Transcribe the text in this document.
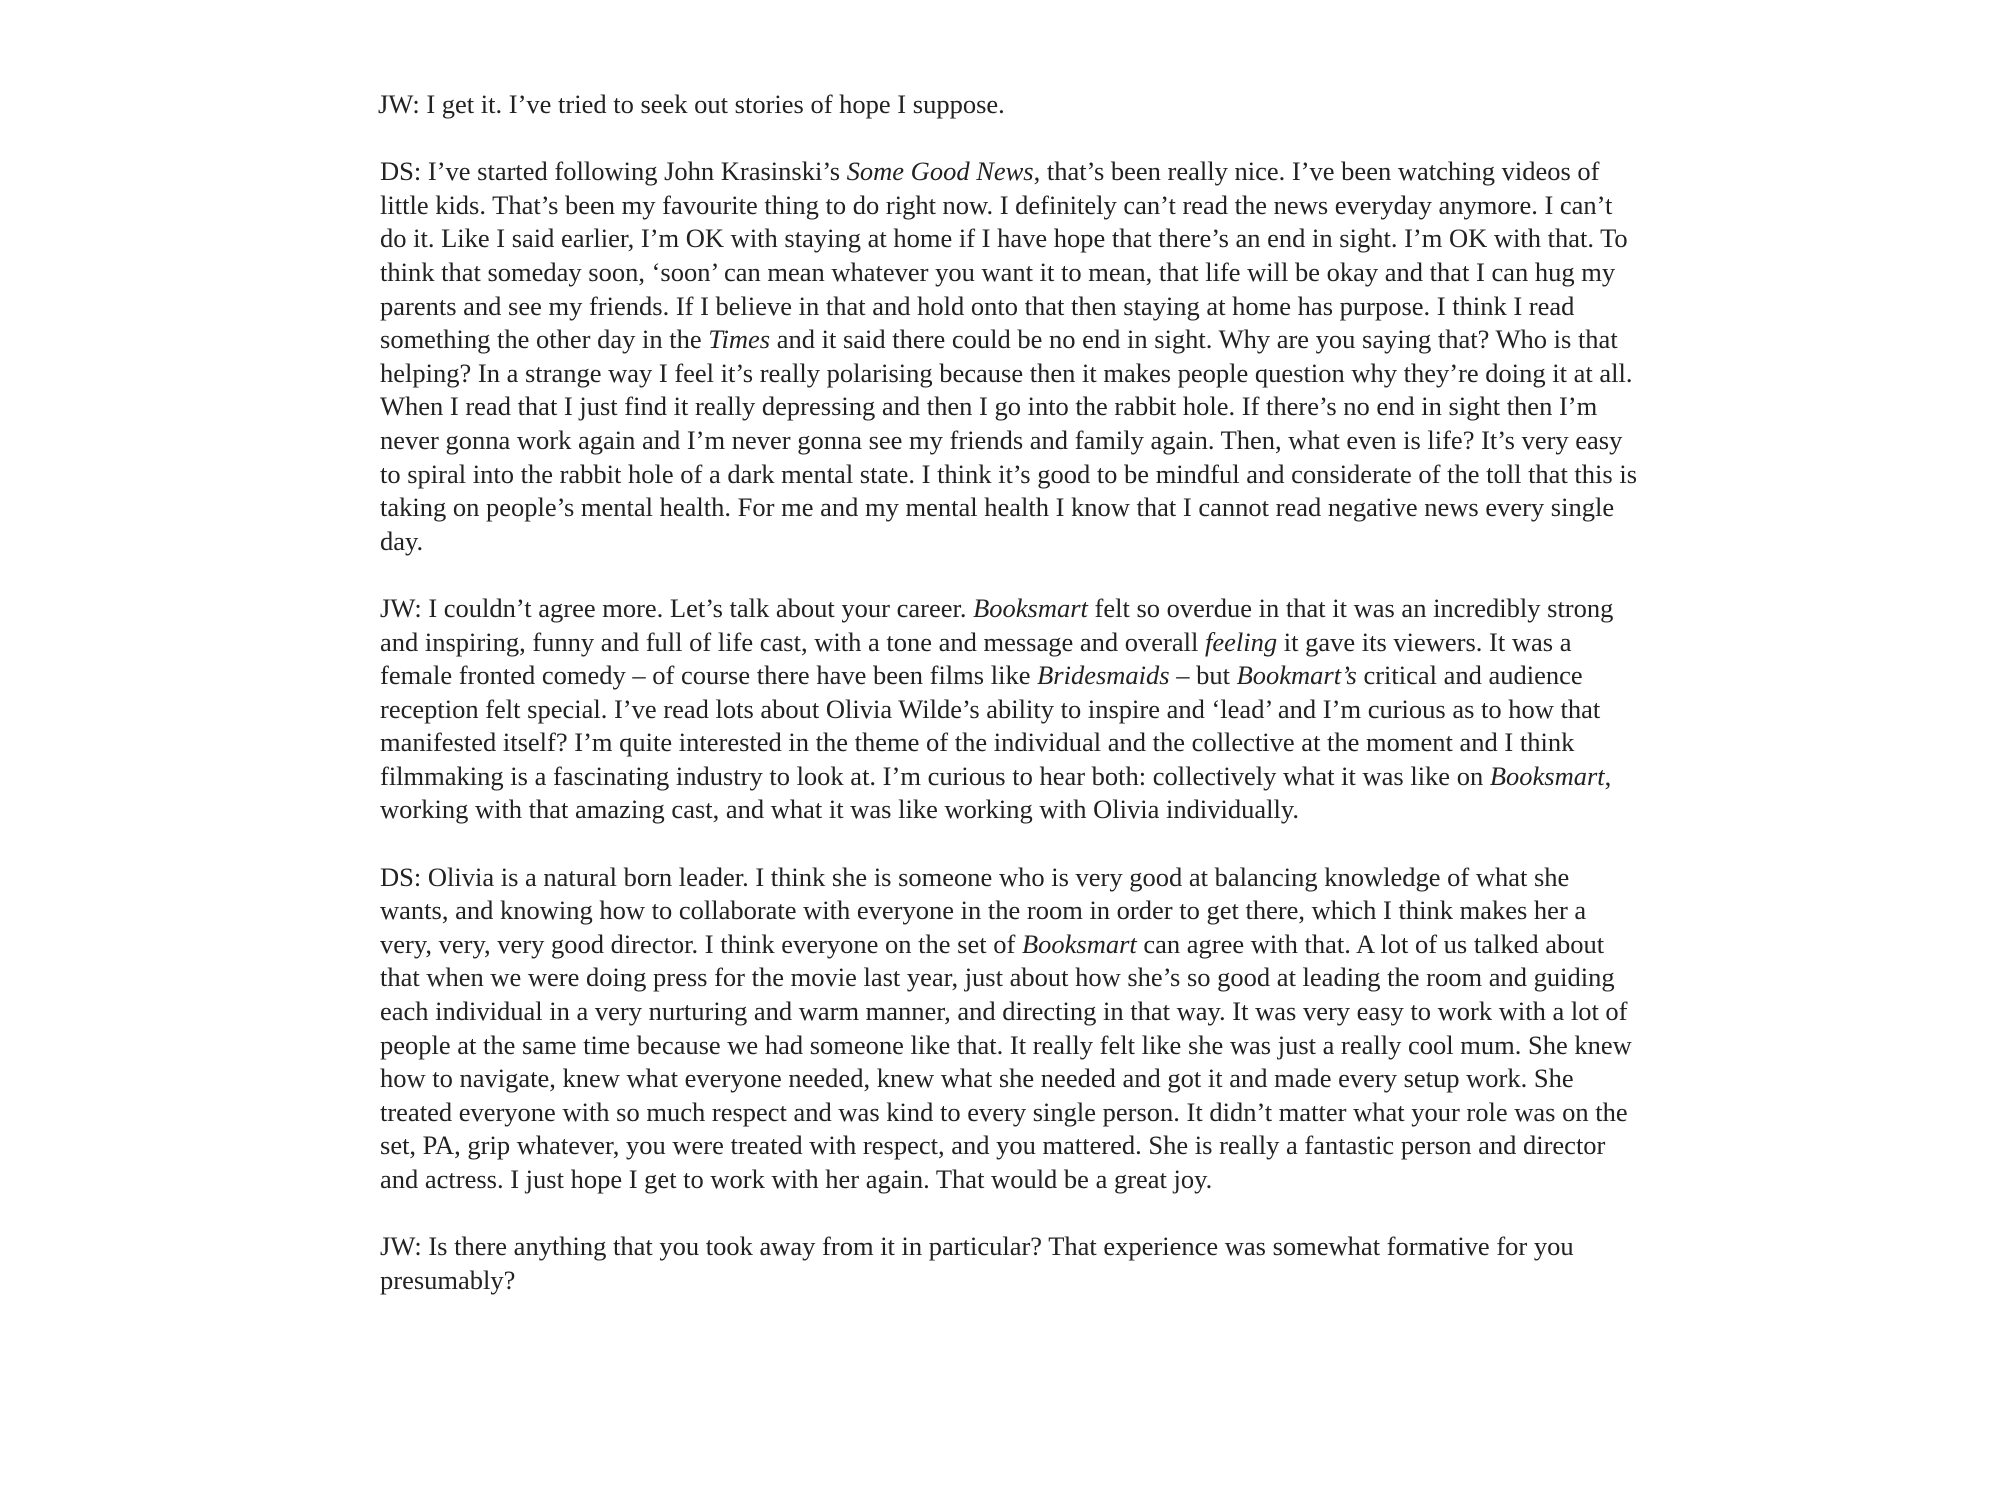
JW: I get it. I’ve tried to seek out stories of hope I suppose.

DS: I’ve started following John Krasinski’s Some Good News, that’s been really nice. I’ve been watching videos of little kids. That’s been my favourite thing to do right now. I definitely can’t read the news everyday anymore. I can’t do it. Like I said earlier, I’m OK with staying at home if I have hope that there’s an end in sight. I’m OK with that. To think that someday soon, ‘soon’ can mean whatever you want it to mean, that life will be okay and that I can hug my parents and see my friends. If I believe in that and hold onto that then staying at home has purpose. I think I read something the other day in the Times and it said there could be no end in sight. Why are you saying that? Who is that helping? In a strange way I feel it’s really polarising because then it makes people question why they’re doing it at all. When I read that I just find it really depressing and then I go into the rabbit hole. If there’s no end in sight then I’m never gonna work again and I’m never gonna see my friends and family again. Then, what even is life? It’s very easy to spiral into the rabbit hole of a dark mental state. I think it’s good to be mindful and considerate of the toll that this is taking on people’s mental health. For me and my mental health I know that I cannot read negative news every single day.

JW: I couldn’t agree more. Let’s talk about your career. Booksmart felt so overdue in that it was an incredibly strong and inspiring, funny and full of life cast, with a tone and message and overall feeling it gave its viewers. It was a female fronted comedy – of course there have been films like Bridesmaids – but Bookmart’s critical and audience reception felt special. I’ve read lots about Olivia Wilde’s ability to inspire and ‘lead’ and I’m curious as to how that manifested itself? I’m quite interested in the theme of the individual and the collective at the moment and I think filmmaking is a fascinating industry to look at. I’m curious to hear both: collectively what it was like on Booksmart, working with that amazing cast, and what it was like working with Olivia individually.

DS: Olivia is a natural born leader. I think she is someone who is very good at balancing knowledge of what she wants, and knowing how to collaborate with everyone in the room in order to get there, which I think makes her a very, very, very good director. I think everyone on the set of Booksmart can agree with that. A lot of us talked about that when we were doing press for the movie last year, just about how she’s so good at leading the room and guiding each individual in a very nurturing and warm manner, and directing in that way. It was very easy to work with a lot of people at the same time because we had someone like that. It really felt like she was just a really cool mum. She knew how to navigate, knew what everyone needed, knew what she needed and got it and made every setup work. She treated everyone with so much respect and was kind to every single person. It didn’t matter what your role was on the set, PA, grip whatever, you were treated with respect, and you mattered. She is really a fantastic person and director and actress. I just hope I get to work with her again. That would be a great joy.

JW: Is there anything that you took away from it in particular? That experience was somewhat formative for you presumably?
